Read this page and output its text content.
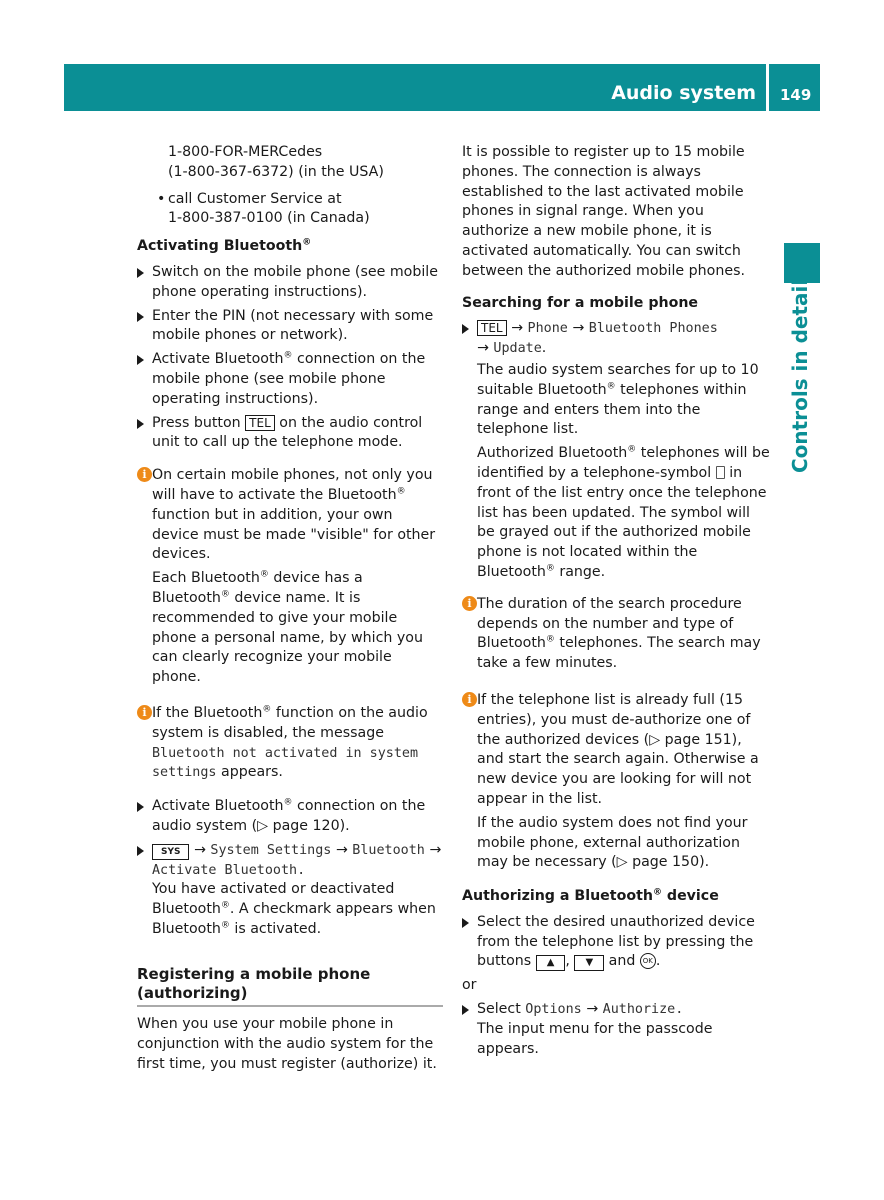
Audio system 149
Controls in detail

1-800-FOR-MERCedes
(1-800-367-6372) (in the USA)

• call Customer Service at
1-800-387-0100 (in Canada)

Activating Bluetooth®

Switch on the mobile phone (see mobile phone operating instructions).
Enter the PIN (not necessary with some mobile phones or network).
Activate Bluetooth® connection on the mobile phone (see mobile phone operating instructions).
Press button TEL on the audio control unit to call up the telephone mode.
i On certain mobile phones, not only you will have to activate the Bluetooth® function but in addition, your own device must be made "visible" for other devices.

Each Bluetooth® device has a Bluetooth® device name. It is recommended to give your mobile phone a personal name, by which you can clearly recognize your mobile phone.

i If the Bluetooth® function on the audio system is disabled, the message Bluetooth not activated in system settings appears.

Activate Bluetooth® connection on the audio system (▷ page 120).
SYS → System Settings → Bluetooth → Activate Bluetooth.
You have activated or deactivated Bluetooth®. A checkmark appears when Bluetooth® is activated.

Registering a mobile phone
(authorizing)

When you use your mobile phone in conjunction with the audio system for the first time, you must register (authorize) it.

It is possible to register up to 15 mobile phones. The connection is always established to the last activated mobile phones in signal range. When you authorize a new mobile phone, it is activated automatically. You can switch between the authorized mobile phones.

Searching for a mobile phone

TEL → Phone → Bluetooth Phones
→ Update.

The audio system searches for up to 10 suitable Bluetooth® telephones within range and enters them into the telephone list.

Authorized Bluetooth® telephones will be identified by a telephone-symbol  in front of the list entry once the telephone list has been updated. The symbol will be grayed out if the authorized mobile phone is not located within the Bluetooth® range.

i The duration of the search procedure depends on the number and type of Bluetooth® telephones. The search may take a few minutes.

i If the telephone list is already full (15 entries), you must de-authorize one of the authorized devices (▷ page 151), and start the search again. Otherwise a new device you are looking for will not appear in the list.

If the audio system does not find your mobile phone, external authorization may be necessary (▷ page 150).

Authorizing a Bluetooth® device

Select the desired unauthorized device from the telephone list by pressing the buttons ▲ , ▼ and OK .

or

Select Options → Authorize.
The input menu for the passcode appears.
